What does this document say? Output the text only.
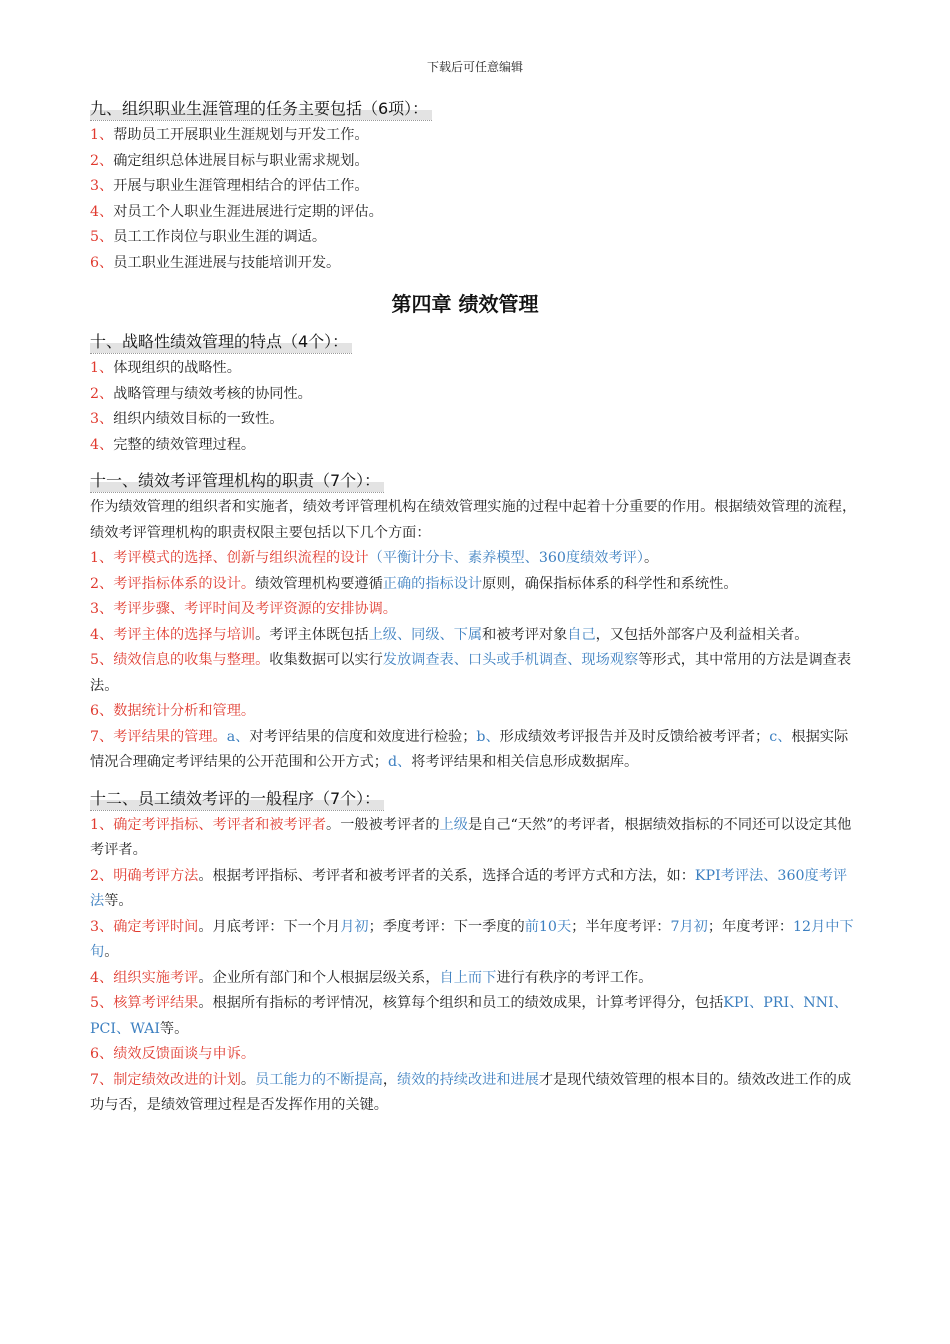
下载后可任意编辑
九、组织职业生涯管理的任务主要包括（6项）：

1、帮助员工开展职业生涯规划与开发工作。

2、确定组织总体进展目标与职业需求规划。

3、开展与职业生涯管理相结合的评估工作。

4、对员工个人职业生涯进展进行定期的评估。

5、员工工作岗位与职业生涯的调适。

6、员工职业生涯进展与技能培训开发。

第四章 绩效管理
十、战略性绩效管理的特点（4个）：

1、体现组织的战略性。

2、战略管理与绩效考核的协同性。

3、组织内绩效目标的一致性。

4、完整的绩效管理过程。

十一、绩效考评管理机构的职责（7个）：

作为绩效管理的组织者和实施者，绩效考评管理机构在绩效管理实施的过程中起着十分重要的作用。根据绩效管理的流程，绩效考评管理机构的职责权限主要包括以下几个方面：

1、考评模式的选择、创新与组织流程的设计（平衡计分卡、素养模型、360度绩效考评）。

2、考评指标体系的设计。绩效管理机构要遵循正确的指标设计原则，确保指标体系的科学性和系统性。

3、考评步骤、考评时间及考评资源的安排协调。

4、考评主体的选择与培训。考评主体既包括上级、同级、下属和被考评对象自己，又包括外部客户及利益相关者。

5、绩效信息的收集与整理。收集数据可以实行发放调查表、口头或手机调查、现场观察等形式，其中常用的方法是调查表法。

6、数据统计分析和管理。

7、考评结果的管理。a、对考评结果的信度和效度进行检验；b、形成绩效考评报告并及时反馈给被考评者；c、根据实际情况合理确定考评结果的公开范围和公开方式；d、将考评结果和相关信息形成数据库。

十二、员工绩效考评的一般程序（7个）：

1、确定考评指标、考评者和被考评者。一般被考评者的上级是自己“天然”的考评者，根据绩效指标的不同还可以设定其他考评者。

2、明确考评方法。根据考评指标、考评者和被考评者的关系，选择合适的考评方式和方法，如：KPI考评法、360度考评法等。

3、确定考评时间。月底考评：下一个月月初；季度考评：下一季度的前10天；半年度考评：7月初；年度考评：12月中下旬。

4、组织实施考评。企业所有部门和个人根据层级关系，自上而下进行有秩序的考评工作。

5、核算考评结果。根据所有指标的考评情况，核算每个组织和员工的绩效成果，计算考评得分，包括KPI、PRI、NNI、PCI、WAI等。

6、绩效反馈面谈与申诉。

7、制定绩效改进的计划。员工能力的不断提高，绩效的持续改进和进展才是现代绩效管理的根本目的。绩效改进工作的成功与否，是绩效管理过程是否发挥作用的关键。
